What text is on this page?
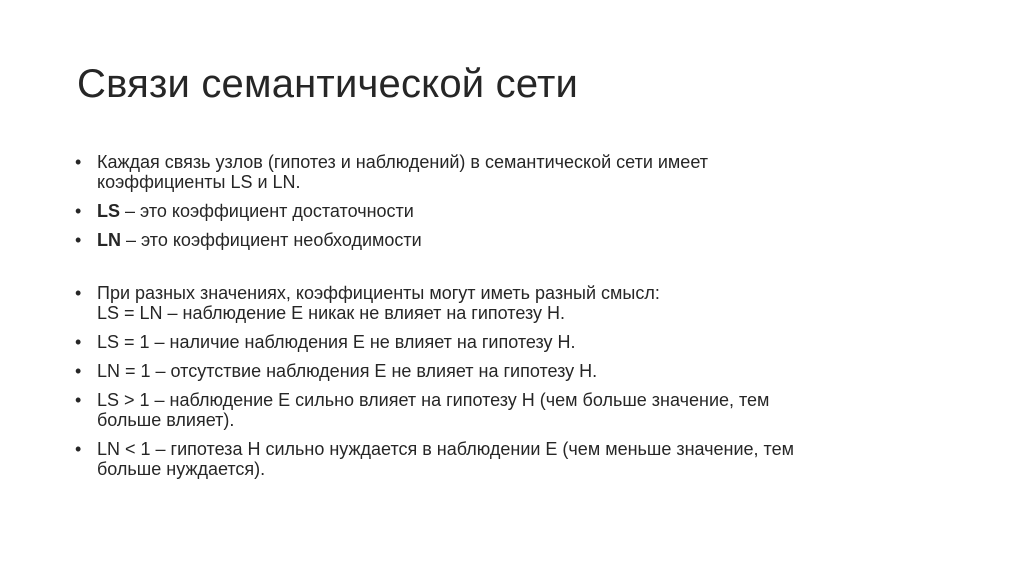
Связи семантической сети
• Каждая связь узлов (гипотез и наблюдений) в семантической сети имеет
коэффициенты LS и LN.
• LS – это коэффициент достаточности
• LN – это коэффициент необходимости
• При разных значениях, коэффициенты могут иметь разный смысл:
LS = LN – наблюдение Е никак не влияет на гипотезу H.
• LS = 1 – наличие наблюдения Е не влияет на гипотезу H.
• LN = 1 – отсутствие наблюдения Е не влияет на гипотезу H.
• LS > 1 – наблюдение Е сильно влияет на гипотезу H (чем больше значение, тем
больше влияет).
• LN < 1 – гипотеза H сильно нуждается в наблюдении Е (чем меньше значение, тем
больше нуждается).
